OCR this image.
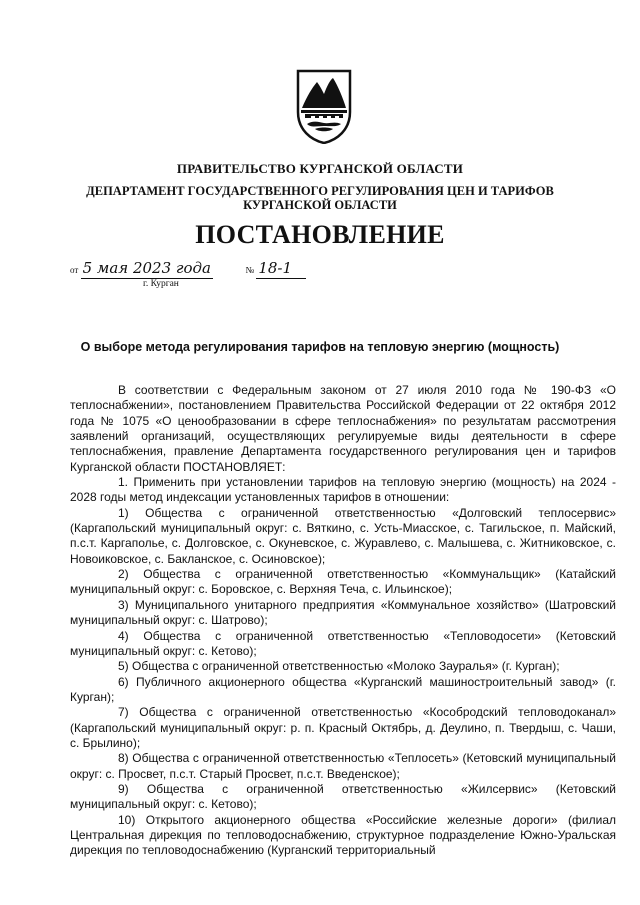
ПРАВИТЕЛЬСТВО КУРГАНСКОЙ ОБЛАСТИ
ДЕПАРТАМЕНТ ГОСУДАРСТВЕННОГО РЕГУЛИРОВАНИЯ ЦЕН И ТАРИФОВ
КУРГАНСКОЙ ОБЛАСТИ
ПОСТАНОВЛЕНИЕ
от 5 мая 2023 года	№ 18-1
г. Курган
О выборе метода регулирования тарифов на тепловую энергию (мощность)

В соответствии с Федеральным законом от 27 июля 2010 года № 190-ФЗ «О теплоснабжении», постановлением Правительства Российской Федерации от 22 октября 2012 года № 1075 «О ценообразовании в сфере теплоснабжения» по результатам рассмотрения заявлений организаций, осуществляющих регулируемые виды деятельности в сфере теплоснабжения, правление Департамента государственного регулирования цен и тарифов Курганской области ПОСТАНОВЛЯЕТ:

1. Применить при установлении тарифов на тепловую энергию (мощность) на 2024 - 2028 годы метод индексации установленных тарифов в отношении:

1) Общества с ограниченной ответственностью «Долговский теплосервис» (Каргапольский муниципальный округ: с. Вяткино, с. Усть-Миасское, с. Тагильское, п. Майский, п.с.т. Каргаполье, с. Долговское, с. Окуневское, с. Журавлево, с. Малышева, с. Житниковское, с. Новоиковское, с. Бакланское, с. Осиновское);

2) Общества с ограниченной ответственностью «Коммунальщик» (Катайский муниципальный округ: с. Боровское, с. Верхняя Теча, с. Ильинское);

3) Муниципального унитарного предприятия «Коммунальное хозяйство» (Шатровский муниципальный округ: с. Шатрово);

4) Общества с ограниченной ответственностью «Тепловодосети» (Кетовский муниципальный округ: с. Кетово);

5) Общества с ограниченной ответственностью «Молоко Зауралья» (г. Курган);

6) Публичного акционерного общества «Курганский машиностроительный завод» (г. Курган);

7) Общества с ограниченной ответственностью «Кособродский тепловодоканал» (Каргапольский муниципальный округ: р. п. Красный Октябрь, д. Деулино, п. Твердыш, с. Чаши, с. Брылино);

8) Общества с ограниченной ответственностью «Теплосеть» (Кетовский муниципальный округ: с. Просвет, п.с.т. Старый Просвет, п.с.т. Введенское);

9) Общества с ограниченной ответственностью «Жилсервис» (Кетовский муниципальный округ: с. Кетово);

10) Открытого акционерного общества «Российские железные дороги» (филиал Центральная дирекция по тепловодоснабжению, структурное подразделение Южно-Уральская дирекция по тепловодоснабжению (Курганский территориальный
